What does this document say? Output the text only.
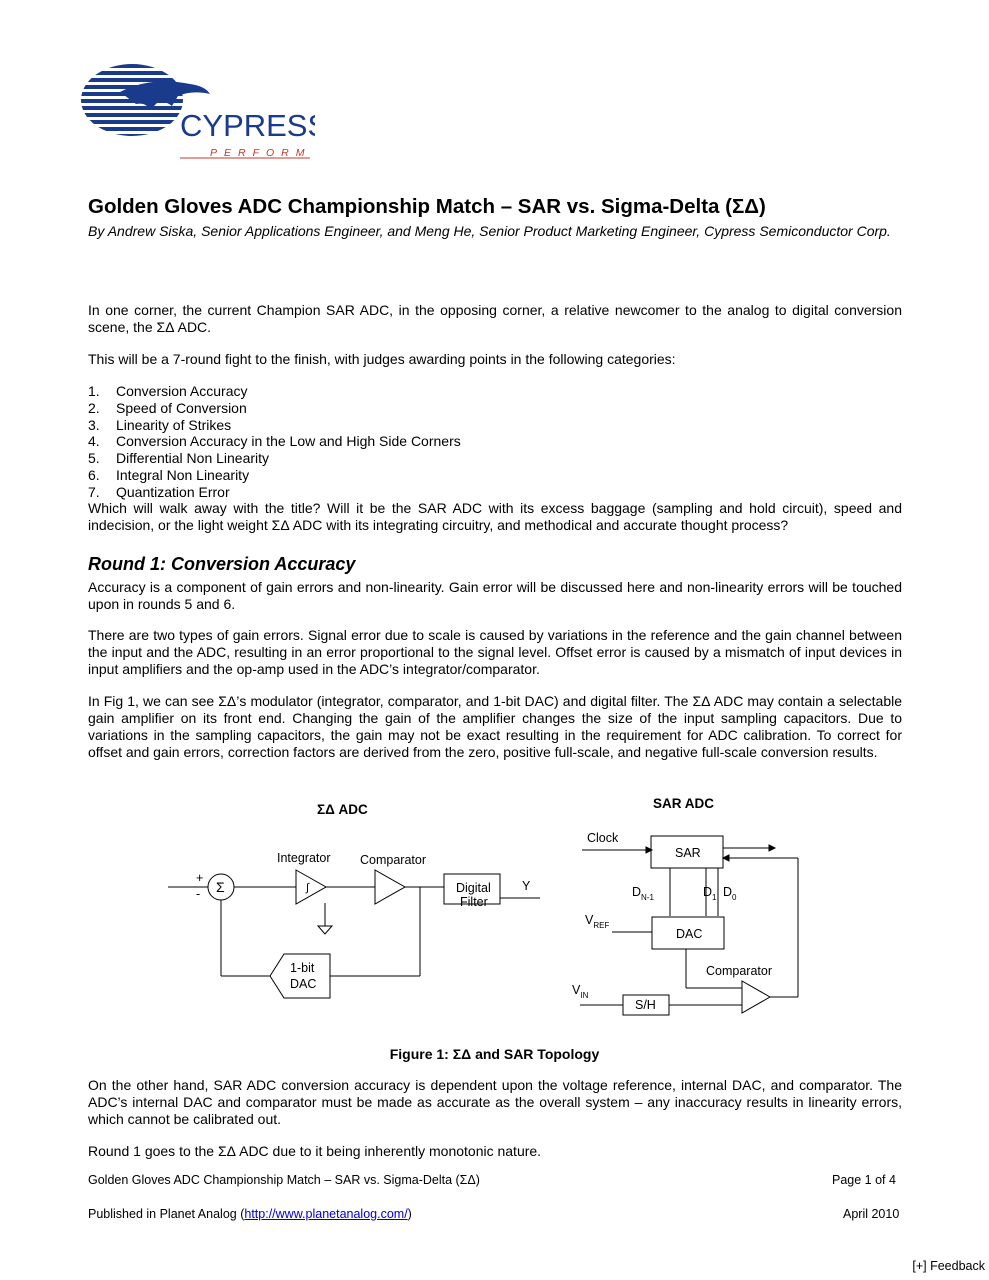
CYPRESS
PERFORM
Golden Gloves ADC Championship Match – SAR vs. Sigma-Delta (ΣΔ)
By Andrew Siska, Senior Applications Engineer, and Meng He, Senior Product Marketing Engineer, Cypress Semiconductor Corp.
In one corner, the current Champion SAR ADC, in the opposing corner, a relative newcomer to the analog to digital conversion scene, the ΣΔ ADC.
This will be a 7-round fight to the finish, with judges awarding points in the following categories:
1. Conversion Accuracy
2. Speed of Conversion
3. Linearity of Strikes
4. Conversion Accuracy in the Low and High Side Corners
5. Differential Non Linearity
6. Integral Non Linearity
7. Quantization Error
Which will walk away with the title? Will it be the SAR ADC with its excess baggage (sampling and hold circuit), speed and indecision, or the light weight ΣΔ ADC with its integrating circuitry, and methodical and accurate thought process?
Round 1: Conversion Accuracy
Accuracy is a component of gain errors and non-linearity. Gain error will be discussed here and non-linearity errors will be touched upon in rounds 5 and 6.
There are two types of gain errors. Signal error due to scale is caused by variations in the reference and the gain channel between the input and the ADC, resulting in an error proportional to the signal level. Offset error is caused by a mismatch of input devices in input amplifiers and the op-amp used in the ADC’s integrator/comparator.
In Fig 1, we can see ΣΔ’s modulator (integrator, comparator, and 1-bit DAC) and digital filter. The ΣΔ ADC may contain a selectable gain amplifier on its front end. Changing the gain of the amplifier changes the size of the input sampling capacitors. Due to variations in the sampling capacitors, the gain may not be exact resulting in the requirement for ADC calibration. To correct for offset and gain errors, correction factors are derived from the zero, positive full-scale, and negative full-scale conversion results.
ΣΔ ADC
Integrator Comparator
+
- Σ	∫	Digital
Filter
Y
1-bit
DAC
SAR ADC
Clock
SAR
$D_{N-1}$	$D_1$ $D_0$
$V_{REF}$
DAC
Comparator
$V_{IN}$
S/H
Figure 1: ΣΔ and SAR Topology
On the other hand, SAR ADC conversion accuracy is dependent upon the voltage reference, internal DAC, and comparator. The ADC’s internal DAC and comparator must be made as accurate as the overall system – any inaccuracy results in linearity errors, which cannot be calibrated out.
Round 1 goes to the ΣΔ ADC due to it being inherently monotonic nature.
Golden Gloves ADC Championship Match – SAR vs. Sigma-Delta (ΣΔ)	Page 1 of 4
Published in Planet Analog (http://www.planetanalog.com/)	April 2010
[+] Feedback
